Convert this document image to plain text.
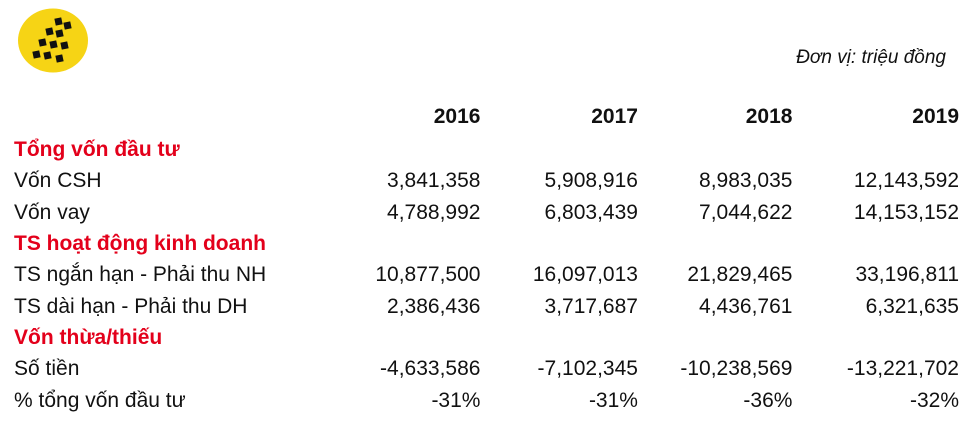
Đơn vị: triệu đồng
	2016	2017	2018	2019
Tổng vốn đầu tư				
Vốn CSH	3,841,358	5,908,916	8,983,035	12,143,592
Vốn vay	4,788,992	6,803,439	7,044,622	14,153,152
TS hoạt động kinh doanh				
TS ngắn hạn - Phải thu NH	10,877,500	16,097,013	21,829,465	33,196,811
TS dài hạn - Phải thu DH	2,386,436	3,717,687	4,436,761	6,321,635
Vốn thừa/thiếu				
Số tiền	-4,633,586	-7,102,345	-10,238,569	-13,221,702
% tổng vốn đầu tư	-31%	-31%	-36%	-32%
